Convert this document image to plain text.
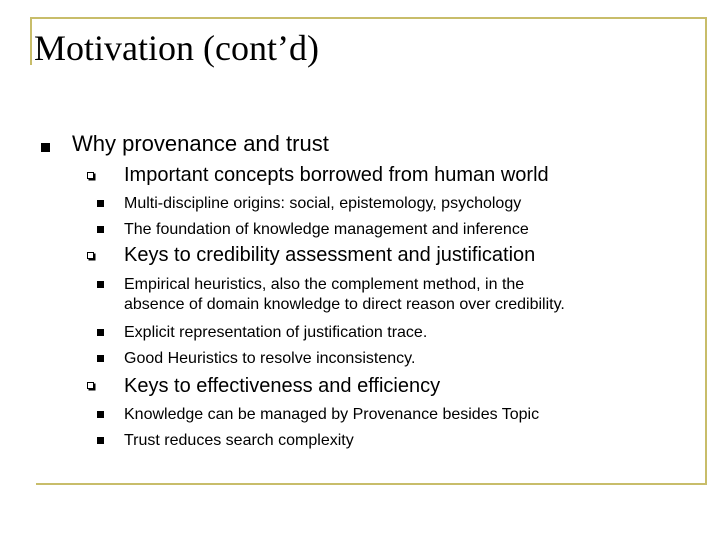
Motivation (cont’d)
Why provenance and trust
Important concepts borrowed from human world
Multi-discipline origins: social, epistemology, psychology
The foundation of knowledge management and inference
Keys to credibility assessment and justification
Empirical heuristics, also the complement method, in the
absence of domain knowledge to direct reason over credibility.
Explicit representation of justification trace.
Good Heuristics to resolve inconsistency.
Keys to effectiveness and efficiency
Knowledge can be managed by Provenance besides Topic
Trust reduces search complexity
